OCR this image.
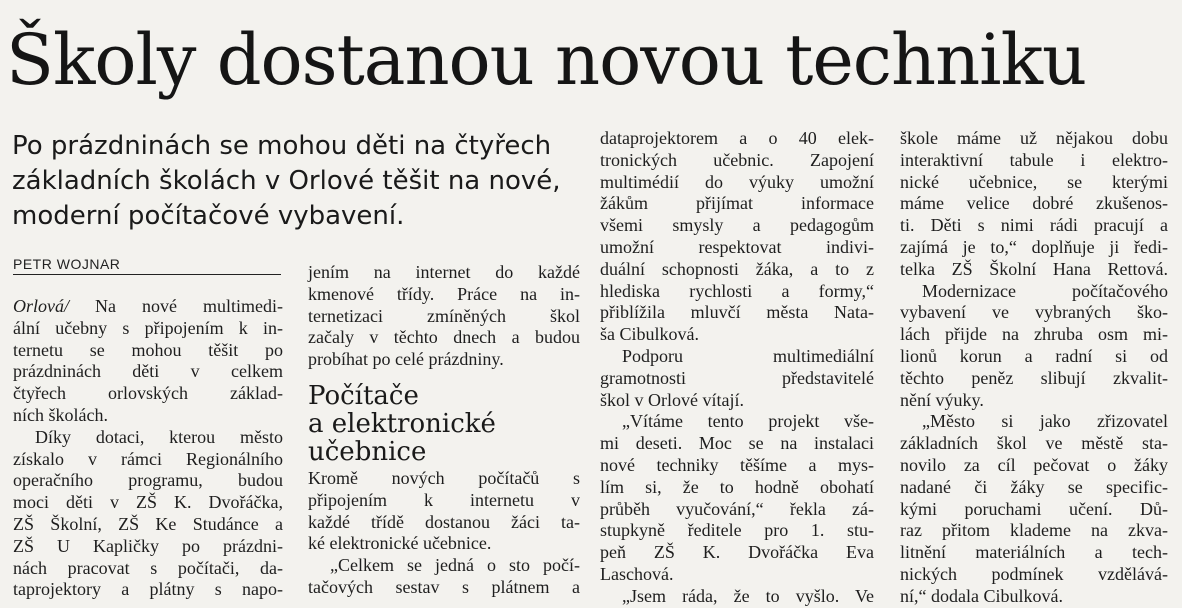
Školy dostanou novou techniku
Po prázdninách se mohou děti na čtyřech
základních školách v Orlové těšit na nové,
moderní počítačové vybavení.
PETR WOJNAR
Orlová/ Na nové multimedi-
ální učebny s připojením k in-
ternetu se mohou těšit po
prázdninách děti v celkem
čtyřech orlovských základ-
ních školách.
Díky dotaci, kterou město
získalo v rámci Regionálního
operačního programu, budou
moci děti v ZŠ K. Dvořáčka,
ZŠ Školní, ZŠ Ke Studánce a
ZŠ U Kapličky po prázdni-
nách pracovat s počítači, da-
taprojektory a plátny s napo-
jením na internet do každé
kmenové třídy. Práce na in-
ternetizaci zmíněných škol
začaly v těchto dnech a budou
probíhat po celé prázdniny.
Počítače
a elektronické
učebnice
Kromě nových počítačů s
připojením k internetu v
každé třídě dostanou žáci ta-
ké elektronické učebnice.
„Celkem se jedná o sto počí-
tačových sestav s plátnem a
dataprojektorem a o 40 elek-
tronických učebnic. Zapojení
multimédií do výuky umožní
žákům přijímat informace
všemi smysly a pedagogům
umožní respektovat indivi-
duální schopnosti žáka, a to z
hlediska rychlosti a formy,“
přiblížila mluvčí města Nata-
ša Cibulková.
Podporu multimediální
gramotnosti představitelé
škol v Orlové vítají.
„Vítáme tento projekt vše-
mi deseti. Moc se na instalaci
nové techniky těšíme a mys-
lím si, že to hodně obohatí
průběh vyučování,“ řekla zá-
stupkyně ředitele pro 1. stu-
peň ZŠ K. Dvořáčka Eva
Laschová.
„Jsem ráda, že to vyšlo. Ve
škole máme už nějakou dobu
interaktivní tabule i elektro-
nické učebnice, se kterými
máme velice dobré zkušenos-
ti. Děti s nimi rádi pracují a
zajímá je to,“ doplňuje ji ředi-
telka ZŠ Školní Hana Rettová.
Modernizace počítačového
vybavení ve vybraných ško-
lách přijde na zhruba osm mi-
lionů korun a radní si od
těchto peněz slibují zkvalit-
nění výuky.
„Město si jako zřizovatel
základních škol ve městě sta-
novilo za cíl pečovat o žáky
nadané či žáky se specific-
kými poruchami učení. Dů-
raz přitom klademe na zkva-
litnění materiálních a tech-
nických podmínek vzdělává-
ní,“ dodala Cibulková.
